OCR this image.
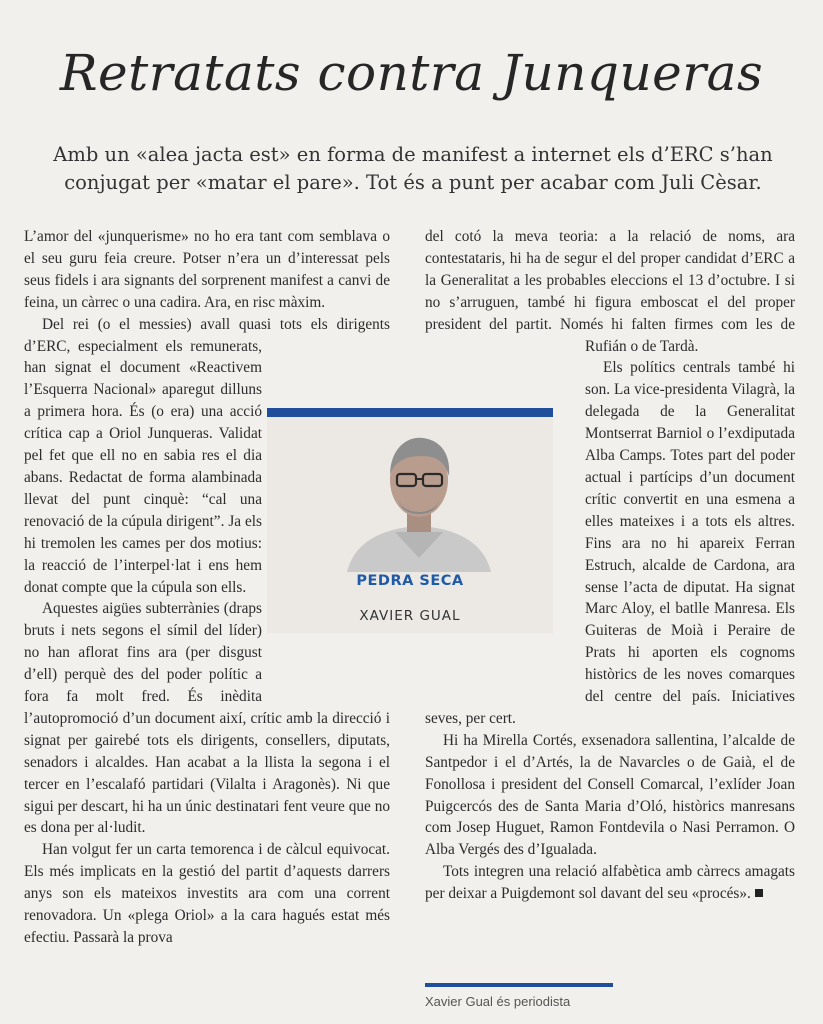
Retratats contra Junqueras
Amb un «alea jacta est» en forma de manifest a internet els d’ERC s’han conjugat per «matar el pare». Tot és a punt per acabar com Juli Cèsar.

L’amor del «junquerisme» no ho era tant com semblava o el seu guru feia creure. Potser n’era un d’interessat pels seus fidels i ara signants del sorprenent manifest a canvi de feina, un càrrec o una cadira. Ara, en risc màxim.

Del rei (o el messies) avall quasi tots els dirigents d’ERC, especialment els remunerats, han signat el document «Reactivem l’Esquerra Nacional» aparegut dilluns a primera hora. És (o era) una acció crítica cap a Oriol Junqueras. Validat pel fet que ell no en sabia res el dia abans. Redactat de forma alambinada llevat del punt cinquè: “cal una renovació de la cúpula dirigent”. Ja els hi tremolen les cames per dos motius: la reacció de l’interpel·lat i ens hem donat compte que la cúpula son ells.

Aquestes aigües subterrànies (draps bruts i nets segons el símil del líder) no han aflorat fins ara (per disgust d’ell) perquè des del poder polític a fora fa molt fred. És inèdita l’autopromoció d’un document així, crític amb la direcció i signat per gairebé tots els dirigents, consellers, diputats, senadors i alcaldes. Han acabat a la llista la segona i el tercer en l’escalafó partidari (Vilalta i Aragonès). Ni que sigui per descart, hi ha un únic destinatari fent veure que no es dona per al·ludit.

Han volgut fer un carta temorenca i de càlcul equivocat. Els més implicats en la gestió del partit d’aquests darrers anys son els mateixos investits ara com una corrent renovadora. Un «plega Oriol» a la cara hagués estat més efectiu. Passarà la prova

del cotó la meva teoria: a la relació de noms, ara contestataris, hi ha de segur el del proper candidat d’ERC a la Generalitat a les probables eleccions el 13 d’octubre. I si no s’arruguen, també hi figura emboscat el del proper president del partit. Només hi falten firmes com les de Rufián o de Tardà.

Els polítics centrals també hi son. La vice-presidenta Vilagrà, la delegada de la Generalitat Montserrat Barniol o l’exdiputada Alba Camps. Totes part del poder actual i partícips d’un document crític convertit en una esmena a elles mateixes i a tots els altres. Fins ara no hi apareix Ferran Estruch, alcalde de Cardona, ara sense l’acta de diputat. Ha signat Marc Aloy, el batlle Manresa. Els Guiteras de Moià i Peraire de Prats hi aporten els cognoms històrics de les noves comarques del centre del país. Iniciatives seves, per cert.

Hi ha Mirella Cortés, exsenadora sallentina, l’alcalde de Santpedor i el d’Artés, la de Navarcles o de Gaià, el de Fonollosa i president del Consell Comarcal, l’exlíder Joan Puigcercós des de Santa Maria d’Oló, històrics manresans com Josep Huguet, Ramon Fontdevila o Nasi Perramon. O Alba Vergés des d’Igualada.

Tots integren una relació alfabètica amb càrrecs amagats per deixar a Puigdemont sol davant del seu «procés».

PEDRA SECA
XAVIER GUAL
Xavier Gual és periodista
